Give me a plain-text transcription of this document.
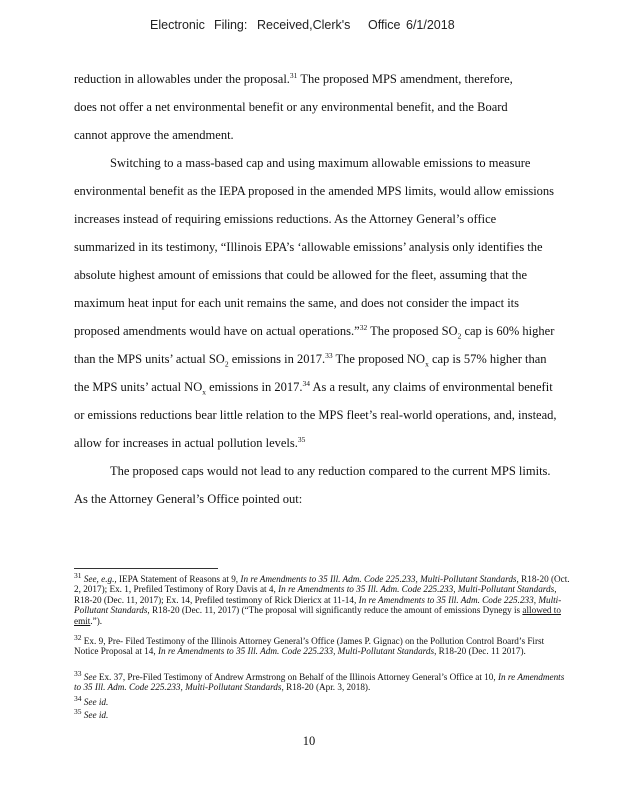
Electronic Filing: Received,Clerk's Office 6/1/2018
reduction in allowables under the proposal.$^{31}$ The proposed MPS amendment, therefore,
does not offer a net environmental benefit or any environmental benefit, and the Board
cannot approve the amendment.
Switching to a mass-based cap and using maximum allowable emissions to measure
environmental benefit as the IEPA proposed in the amended MPS limits, would allow emissions
increases instead of requiring emissions reductions. As the Attorney General’s office
summarized in its testimony, “Illinois EPA’s ‘allowable emissions’ analysis only identifies the
absolute highest amount of emissions that could be allowed for the fleet, assuming that the
maximum heat input for each unit remains the same, and does not consider the impact its
proposed amendments would have on actual operations.”$^{32}$ The proposed $SO_2$ cap is 60% higher
than the MPS units’ actual $SO_2$ emissions in 2017.33 The proposed $NO_x$ cap is 57% higher than
the MPS units’ actual $NO_x$ emissions in 2017.34 As a result, any claims of environmental benefit
or emissions reductions bear little relation to the MPS fleet’s real-world operations, and, instead,
allow for increases in actual pollution levels.$^{35}$
The proposed caps would not lead to any reduction compared to the current MPS limits.
As the Attorney General’s Office pointed out:
$^{31}$ See, e.g., IEPA Statement of Reasons at 9, In re Amendments to 35 Ill. Adm. Code 225.233, Multi-Pollutant Standards, R18-20 (Oct. 2, 2017); Ex. 1, Prefiled Testimony of Rory Davis at 4, In re Amendments to 35 Ill. Adm. Code 225.233, Multi-Pollutant Standards, R18-20 (Dec. 11, 2017); Ex. 14, Prefiled testimony of Rick Diericx at 11-14, In re Amendments to 35 Ill. Adm. Code 225.233, Multi-Pollutant Standards, R18-20 (Dec. 11, 2017) (“The proposal will significantly reduce the amount of emissions Dynegy is allowed to emit.”).
$^{32}$ Ex. 9, Pre- Filed Testimony of the Illinois Attorney General’s Office (James P. Gignac) on the Pollution Control Board’s First Notice Proposal at 14, In re Amendments to 35 Ill. Adm. Code 225.233, Multi-Pollutant Standards, R18-20 (Dec. 11 2017).
$^{33}$ See Ex. 37, Pre-Filed Testimony of Andrew Armstrong on Behalf of the Illinois Attorney General’s Office at 10, In re Amendments to 35 Ill. Adm. Code 225.233, Multi-Pollutant Standards, R18-20 (Apr. 3, 2018).
$^{34}$ See id.
$^{35}$ See id.
10
